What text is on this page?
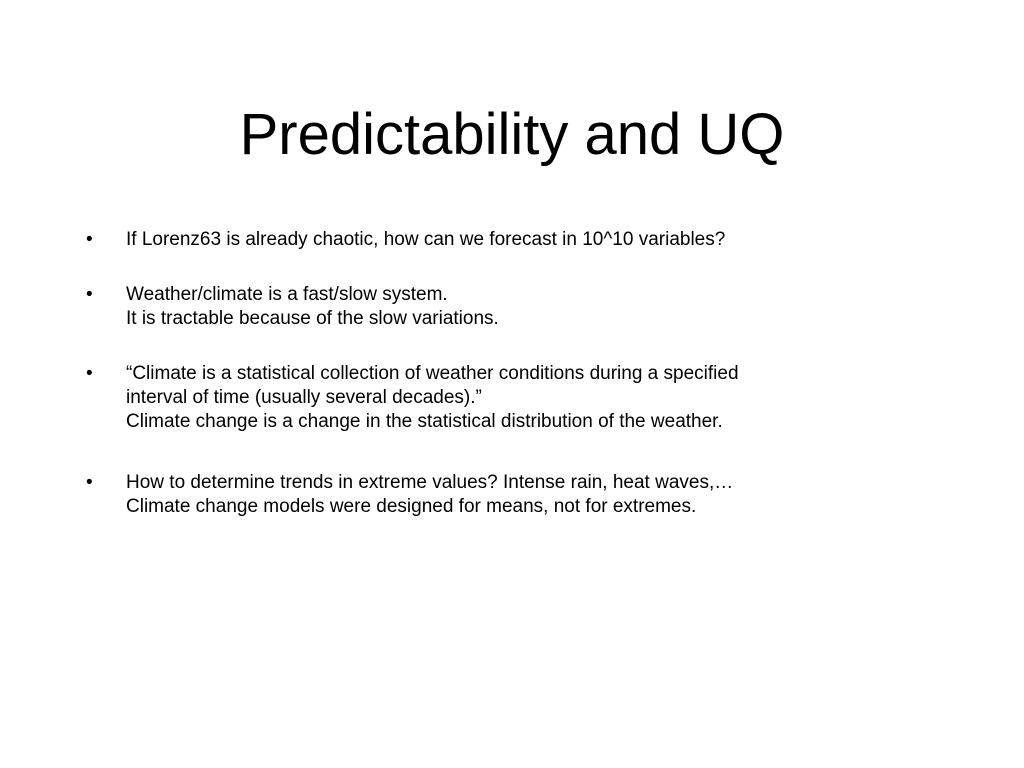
Predictability and UQ
• If Lorenz63 is already chaotic, how can we forecast in 10^10 variables?
• Weather/climate is a fast/slow system.
It is tractable because of the slow variations.
• “Climate is a statistical collection of weather conditions during a specified
interval of time (usually several decades).”
Climate change is a change in the statistical distribution of the weather.
• How to determine trends in extreme values? Intense rain, heat waves,…
Climate change models were designed for means, not for extremes.
